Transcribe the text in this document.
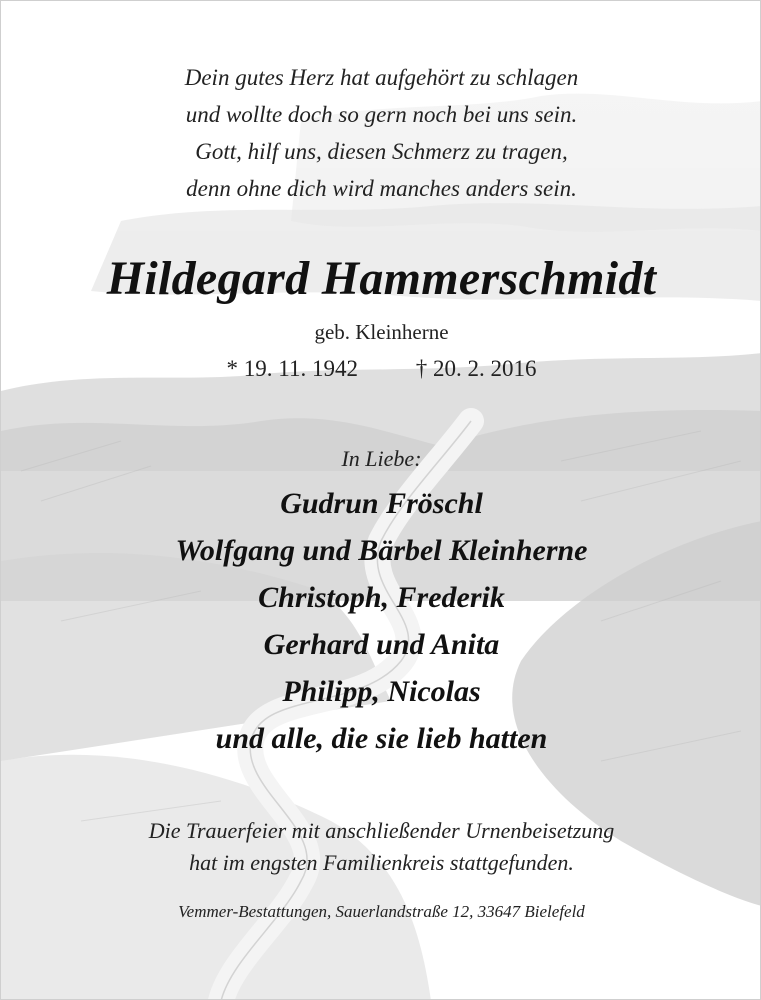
Dein gutes Herz hat aufgehört zu schlagen
und wollte doch so gern noch bei uns sein.
Gott, hilf uns, diesen Schmerz zu tragen,
denn ohne dich wird manches anders sein.
Hildegard Hammerschmidt
geb. Kleinherne
* 19. 11. 1942	† 20. 2. 2016
In Liebe:
Gudrun Fröschl
Wolfgang und Bärbel Kleinherne
Christoph, Frederik
Gerhard und Anita
Philipp, Nicolas
und alle, die sie lieb hatten
Die Trauerfeier mit anschließender Urnenbeisetzung
hat im engsten Familienkreis stattgefunden.
Vemmer-Bestattungen, Sauerlandstraße 12, 33647 Bielefeld
